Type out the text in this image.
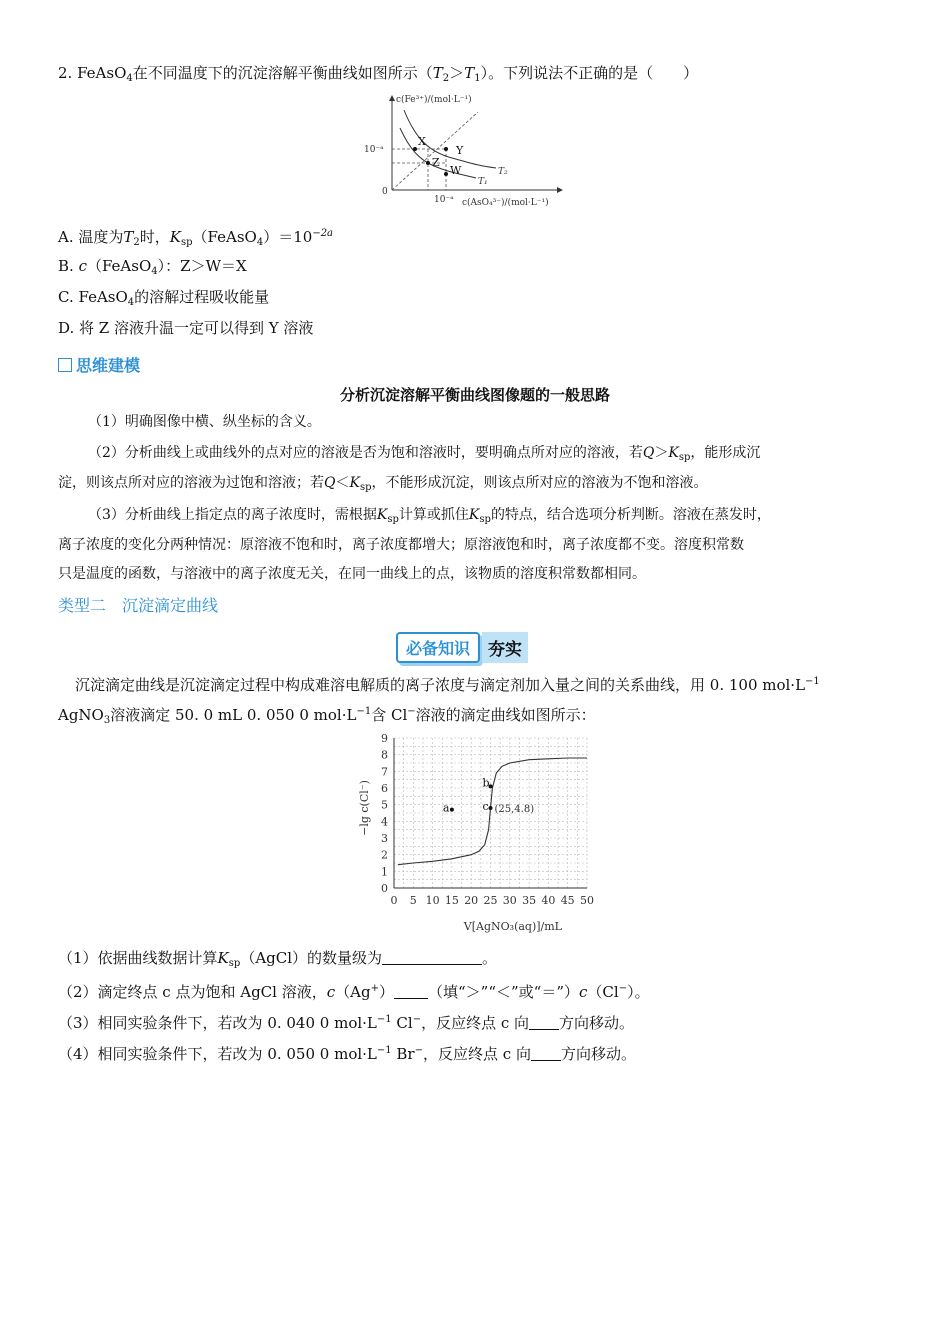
2. FeAsO$_4$在不同温度下的沉淀溶解平衡曲线如图所示$(T_2>T_1)$。下列说法不正确的是（　　）
c(Fe³⁺)/(mol·L⁻¹)
c(AsO₄³⁻)/(mol·L⁻¹)
10⁻ᵃ
10⁻ᵃ
0
T₂
T₁
X
Y
Z
W
A. 温度为$T_2$时，$K_{sp}(FeAsO_4)=10^{-2a}$
B. c（FeAsO$_4$）：Z＞W＝X
C. FeAsO$_4$的溶解过程吸收能量
D. 将 Z 溶液升温一定可以得到 Y 溶液
思维建模
分析沉淀溶解平衡曲线图像题的一般思路
（1）明确图像中横、纵坐标的含义。
（2）分析曲线上或曲线外的点对应的溶液是否为饱和溶液时，要明确点所对应的溶液，若$Q>K_{sp}$，能形成沉
淀，则该点所对应的溶液为过饱和溶液；若$Q<K_{sp}$，不能形成沉淀，则该点所对应的溶液为不饱和溶液。
（3）分析曲线上指定点的离子浓度时，需根据$K_{sp}$计算或抓住$K_{sp}$的特点，结合选项分析判断。溶液在蒸发时，
离子浓度的变化分两种情况：原溶液不饱和时，离子浓度都增大；原溶液饱和时，离子浓度都不变。溶度积常数
只是温度的函数，与溶液中的离子浓度无关，在同一曲线上的点，该物质的溶度积常数都相同。
类型二　沉淀滴定曲线
必备知识	夯实
沉淀滴定曲线是沉淀滴定过程中构成难溶电解质的离子浓度与滴定剂加入量之间的关系曲线，用 0. 100 $mol\cdot L^{-1}$
AgNO$_3$溶液滴定 50. 0 mL 0. 050 0 $mol\cdot L^{-1}$含 Cl−溶液的滴定曲线如图所示：
0 5 10 15 20 25 30 35 40 45 50
0
1
2
3
4
5
6
7
8
9
a
b
c
V[AgNO₃(aq)]/mL
−lg c(Cl⁻)	(25,4.8)
（1）依据曲线数据计算$K_{sp}(AgCl)$的数量级为	。
（2）滴定终点 c 点为饱和 AgCl 溶液，c（Ag+） （填“＞”“＜”或“＝”）c（Cl−）。
（3）相同实验条件下，若改为 0. 040 0 $mol\cdot L^{-1}$ Cl−，反应终点 c 向 方向移动。
（4）相同实验条件下，若改为 0. 050 0 $mol\cdot L^{-1}$ Br−，反应终点 c 向 方向移动。
